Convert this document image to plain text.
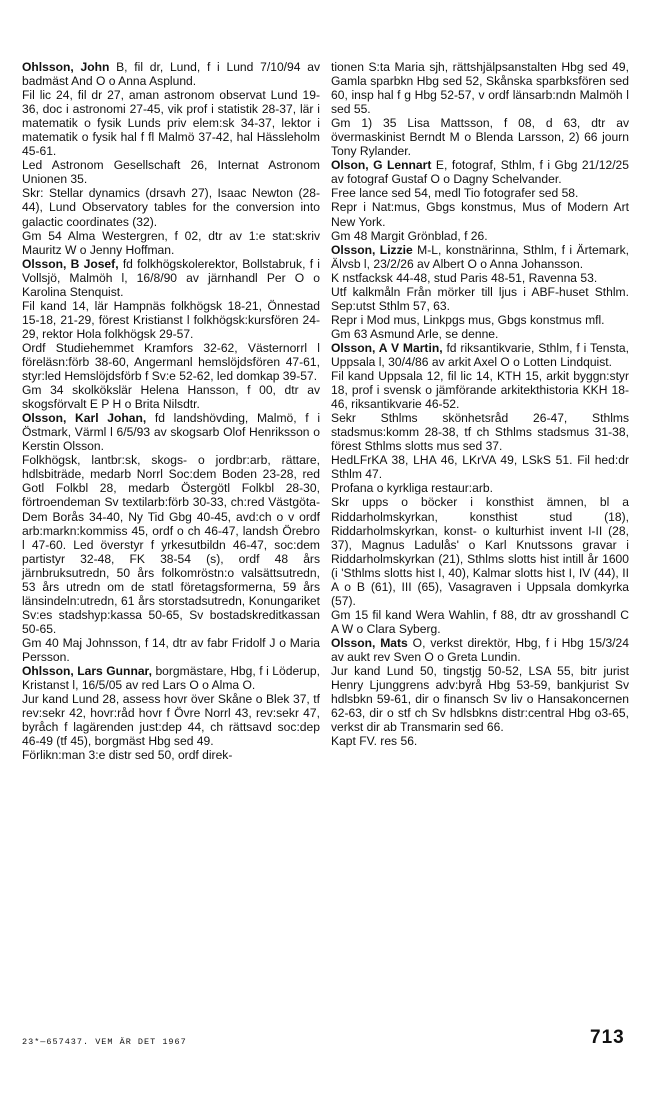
Ohlsson, John B, fil dr, Lund, f i Lund 7/10/94 av badmäst And O o Anna Asplund.

Fil lic 24, fil dr 27, aman astronom observat Lund 19-36, doc i astronomi 27-45, vik prof i statistik 28-37, lär i matematik o fysik Lunds priv elem:sk 34-37, lektor i matematik o fysik hal f fl Malmö 37-42, hal Hässleholm 45-61.

Led Astronom Gesellschaft 26, Internat Astronom Unionen 35.

Skr: Stellar dynamics (drsavh 27), Isaac Newton (28-44), Lund Observatory tables for the conversion into galactic coordinates (32).

Gm 54 Alma Westergren, f 02, dtr av 1:e stat:skriv Mauritz W o Jenny Hoffman.

Olsson, B Josef, fd folkhögskolerektor, Bollstabruk, f i Vollsjö, Malmöh l, 16/8/90 av järnhandl Per O o Karolina Stenquist.

Fil kand 14, lär Hampnäs folkhögsk 18-21, Önnestad 15-18, 21-29, förest Kristianst l folkhögsk:kursfören 24-29, rektor Hola folkhögsk 29-57.

Ordf Studiehemmet Kramfors 32-62, Västernorrl l föreläsn:förb 38-60, Angermanl hemslöjdsfören 47-61, styr:led Hemslöjdsförb f Sv:e 52-62, led domkap 39-57.

Gm 34 skolkökslär Helena Hansson, f 00, dtr av skogsförvalt E P H o Brita Nilsdtr.

Olsson, Karl Johan, fd landshövding, Malmö, f i Östmark, Värml l 6/5/93 av skogsarb Olof Henriksson o Kerstin Olsson.

Folkhögsk, lantbr:sk, skogs- o jordbr:arb, rättare, hdlsbiträde, medarb Norrl Soc:dem Boden 23-28, red Gotl Folkbl 28, medarb Östergötl Folkbl 28-30, förtroendeman Sv textilarb:förb 30-33, ch:red Västgöta-Dem Borås 34-40, Ny Tid Gbg 40-45, avd:ch o v ordf arb:markn:kommiss 45, ordf o ch 46-47, landsh Örebro l 47-60. Led överstyr f yrkesutbildn 46-47, soc:dem partistyr 32-48, FK 38-54 (s), ordf 48 års järnbruksutredn, 50 års folkomröstn:o valsättsutredn, 53 års utredn om de statl företagsformerna, 59 års länsindeln:utredn, 61 års storstadsutredn, Konungariket Sv:es stadshyp:kassa 50-65, Sv bostadskreditkassan 50-65.

Gm 40 Maj Johnsson, f 14, dtr av fabr Fridolf J o Maria Persson.

Ohlsson, Lars Gunnar, borgmästare, Hbg, f i Löderup, Kristanst l, 16/5/05 av red Lars O o Alma O.

Jur kand Lund 28, assess hovr över Skåne o Blek 37, tf rev:sekr 42, hovr:råd hovr f Övre Norrl 43, rev:sekr 47, byråch f lagärenden just:dep 44, ch rättsavd soc:dep 46-49 (tf 45), borgmäst Hbg sed 49.

Förlikn:man 3:e distr sed 50, ordf direk-

tionen S:ta Maria sjh, rättshjälpsanstalten Hbg sed 49, Gamla sparbkn Hbg sed 52, Skånska sparbksfören sed 60, insp hal f g Hbg 52-57, v ordf länsarb:ndn Malmöh l sed 55.

Gm 1) 35 Lisa Mattsson, f 08, d 63, dtr av övermaskinist Berndt M o Blenda Larsson, 2) 66 journ Tony Rylander.

Olson, G Lennart E, fotograf, Sthlm, f i Gbg 21/12/25 av fotograf Gustaf O o Dagny Schelvander.

Free lance sed 54, medl Tio fotografer sed 58.

Repr i Nat:mus, Gbgs konstmus, Mus of Modern Art New York.

Gm 48 Margit Grönblad, f 26.

Olsson, Lizzie M-L, konstnärinna, Sthlm, f i Ärtemark, Älvsb l, 23/2/26 av Albert O o Anna Johansson.

K nstfacksk 44-48, stud Paris 48-51, Ravenna 53.

Utf kalkmåln Från mörker till ljus i ABF-huset Sthlm. Sep:utst Sthlm 57, 63.

Repr i Mod mus, Linkpgs mus, Gbgs konstmus mfl.

Gm 63 Asmund Arle, se denne.

Olsson, A V Martin, fd riksantikvarie, Sthlm, f i Tensta, Uppsala l, 30/4/86 av arkit Axel O o Lotten Lindquist.

Fil kand Uppsala 12, fil lic 14, KTH 15, arkit byggn:styr 18, prof i svensk o jämförande arkitekthistoria KKH 18-46, riksantikvarie 46-52.

Sekr Sthlms skönhetsråd 26-47, Sthlms stadsmus:komm 28-38, tf ch Sthlms stadsmus 31-38, förest Sthlms slotts mus sed 37.

HedLFrKA 38, LHA 46, LKrVA 49, LSkS 51. Fil hed:dr Sthlm 47.

Profana o kyrkliga restaur:arb.

Skr upps o böcker i konsthist ämnen, bl a Riddarholmskyrkan, konsthist stud (18), Riddarholmskyrkan, konst- o kulturhist invent I-II (28, 37), Magnus Ladulås' o Karl Knutssons gravar i Riddarholmskyrkan (21), Sthlms slotts hist intill år 1600 (i 'Sthlms slotts hist I, 40), Kalmar slotts hist I, IV (44), II A o B (61), III (65), Vasagraven i Uppsala domkyrka (57).

Gm 15 fil kand Wera Wahlin, f 88, dtr av grosshandl C A W o Clara Syberg.

Olsson, Mats O, verkst direktör, Hbg, f i Hbg 15/3/24 av aukt rev Sven O o Greta Lundin.

Jur kand Lund 50, tingstjg 50-52, LSA 55, bitr jurist Henry Ljunggrens adv:byrå Hbg 53-59, bankjurist Sv hdlsbkn 59-61, dir o finansch Sv liv o Hansakoncernen 62-63, dir o stf ch Sv hdlsbkns distr:central Hbg o3-65, verkst dir ab Transmarin sed 66.

Kapt FV. res 56.

23*—657437. VEM ÄR DET 1967	713
